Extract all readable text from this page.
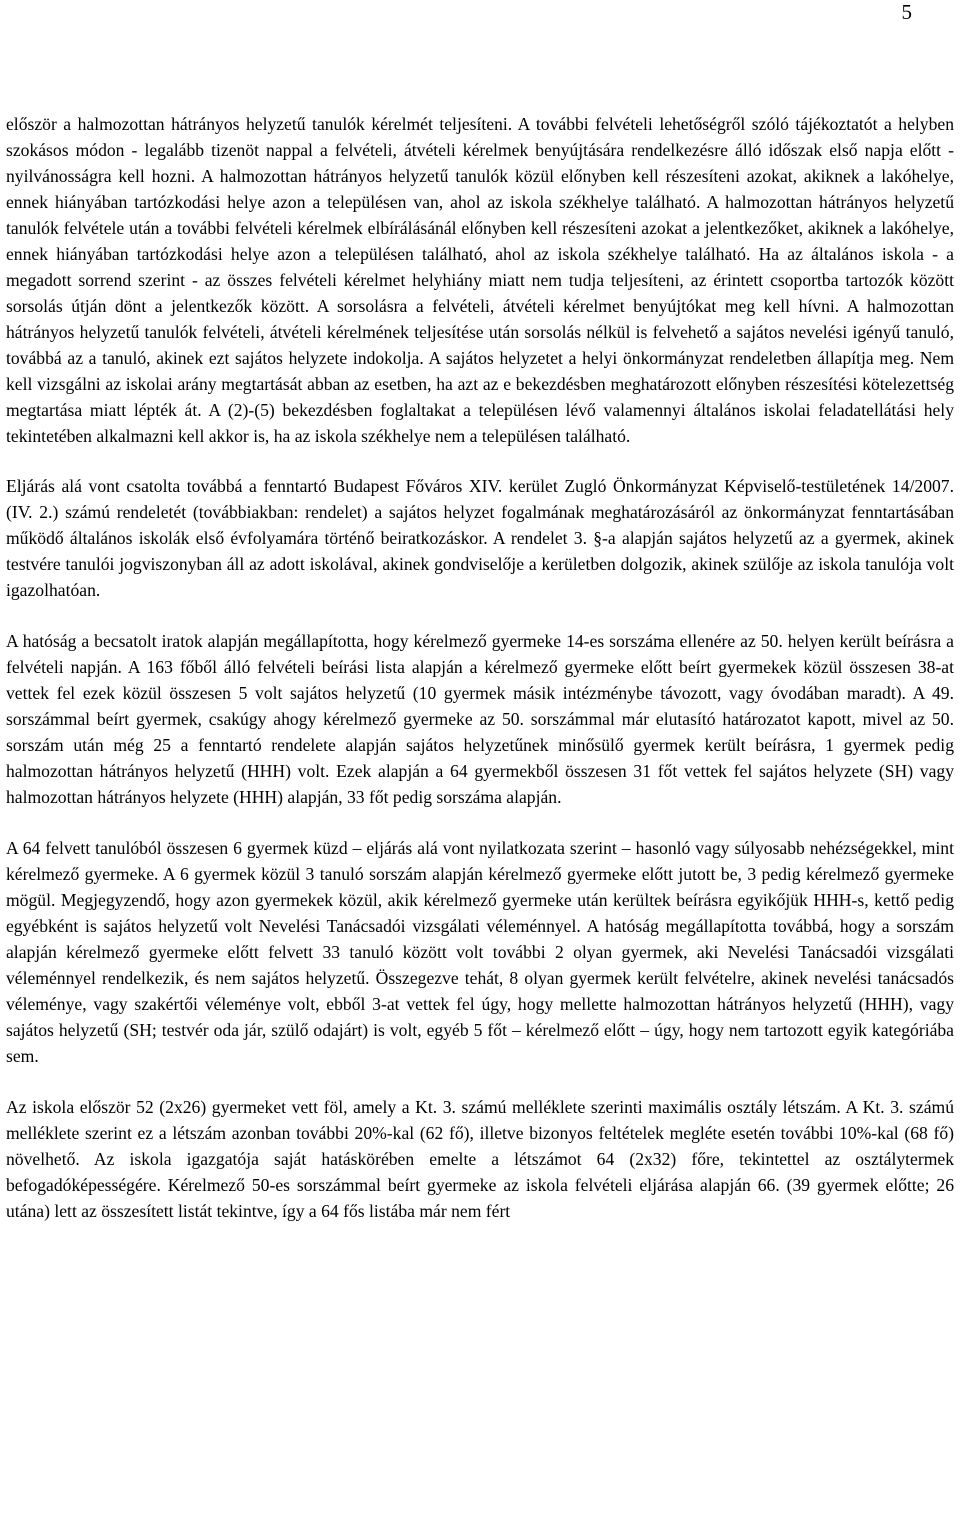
5

először a halmozottan hátrányos helyzetű tanulók kérelmét teljesíteni. A további felvételi lehetőségről szóló tájékoztatót a helyben szokásos módon - legalább tizenöt nappal a felvételi, átvételi kérelmek benyújtására rendelkezésre álló időszak első napja előtt - nyilvánosságra kell hozni. A halmozottan hátrányos helyzetű tanulók közül előnyben kell részesíteni azokat, akiknek a lakóhelye, ennek hiányában tartózkodási helye azon a településen van, ahol az iskola székhelye található. A halmozottan hátrányos helyzetű tanulók felvétele után a további felvételi kérelmek elbírálásánál előnyben kell részesíteni azokat a jelentkezőket, akiknek a lakóhelye, ennek hiányában tartózkodási helye azon a településen található, ahol az iskola székhelye található. Ha az általános iskola - a megadott sorrend szerint - az összes felvételi kérelmet helyhiány miatt nem tudja teljesíteni, az érintett csoportba tartozók között sorsolás útján dönt a jelentkezők között. A sorsolásra a felvételi, átvételi kérelmet benyújtókat meg kell hívni. A halmozottan hátrányos helyzetű tanulók felvételi, átvételi kérelmének teljesítése után sorsolás nélkül is felvehető a sajátos nevelési igényű tanuló, továbbá az a tanuló, akinek ezt sajátos helyzete indokolja. A sajátos helyzetet a helyi önkormányzat rendeletben állapítja meg. Nem kell vizsgálni az iskolai arány megtartását abban az esetben, ha azt az e bekezdésben meghatározott előnyben részesítési kötelezettség megtartása miatt lépték át. A (2)-(5) bekezdésben foglaltakat a településen lévő valamennyi általános iskolai feladatellátási hely tekintetében alkalmazni kell akkor is, ha az iskola székhelye nem a településen található.

Eljárás alá vont csatolta továbbá a fenntartó Budapest Főváros XIV. kerület Zugló Önkormányzat Képviselő-testületének 14/2007. (IV. 2.) számú rendeletét (továbbiakban: rendelet) a sajátos helyzet fogalmának meghatározásáról az önkormányzat fenntartásában működő általános iskolák első évfolyamára történő beiratkozáskor. A rendelet 3. §-a alapján sajátos helyzetű az a gyermek, akinek testvére tanulói jogviszonyban áll az adott iskolával, akinek gondviselője a kerületben dolgozik, akinek szülője az iskola tanulója volt igazolhatóan.

A hatóság a becsatolt iratok alapján megállapította, hogy kérelmező gyermeke 14-es sorszáma ellenére az 50. helyen került beírásra a felvételi napján. A 163 főből álló felvételi beírási lista alapján a kérelmező gyermeke előtt beírt gyermekek közül összesen 38-at vettek fel ezek közül összesen 5 volt sajátos helyzetű (10 gyermek másik intézménybe távozott, vagy óvodában maradt). A 49. sorszámmal beírt gyermek, csakúgy ahogy kérelmező gyermeke az 50. sorszámmal már elutasító határozatot kapott, mivel az 50. sorszám után még 25 a fenntartó rendelete alapján sajátos helyzetűnek minősülő gyermek került beírásra, 1 gyermek pedig halmozottan hátrányos helyzetű (HHH) volt. Ezek alapján a 64 gyermekből összesen 31 főt vettek fel sajátos helyzete (SH) vagy halmozottan hátrányos helyzete (HHH) alapján, 33 főt pedig sorszáma alapján.

A 64 felvett tanulóból összesen 6 gyermek küzd – eljárás alá vont nyilatkozata szerint – hasonló vagy súlyosabb nehézségekkel, mint kérelmező gyermeke. A 6 gyermek közül 3 tanuló sorszám alapján kérelmező gyermeke előtt jutott be, 3 pedig kérelmező gyermeke mögül. Megjegyzendő, hogy azon gyermekek közül, akik kérelmező gyermeke után kerültek beírásra egyikőjük HHH-s, kettő pedig egyébként is sajátos helyzetű volt Nevelési Tanácsadói vizsgálati véleménnyel. A hatóság megállapította továbbá, hogy a sorszám alapján kérelmező gyermeke előtt felvett 33 tanuló között volt további 2 olyan gyermek, aki Nevelési Tanácsadói vizsgálati véleménnyel rendelkezik, és nem sajátos helyzetű. Összegezve tehát, 8 olyan gyermek került felvételre, akinek nevelési tanácsadós véleménye, vagy szakértői véleménye volt, ebből 3-at vettek fel úgy, hogy mellette halmozottan hátrányos helyzetű (HHH), vagy sajátos helyzetű (SH; testvér oda jár, szülő odajárt) is volt, egyéb 5 főt – kérelmező előtt – úgy, hogy nem tartozott egyik kategóriába sem.

Az iskola először 52 (2x26) gyermeket vett föl, amely a Kt. 3. számú melléklete szerinti maximális osztály létszám. A Kt. 3. számú melléklete szerint ez a létszám azonban további 20%-kal (62 fő), illetve bizonyos feltételek megléte esetén további 10%-kal (68 fő) növelhető. Az iskola igazgatója saját hatáskörében emelte a létszámot 64 (2x32) főre, tekintettel az osztálytermek befogadóképességére. Kérelmező 50-es sorszámmal beírt gyermeke az iskola felvételi eljárása alapján 66. (39 gyermek előtte; 26 utána) lett az összesített listát tekintve, így a 64 fős listába már nem fért
